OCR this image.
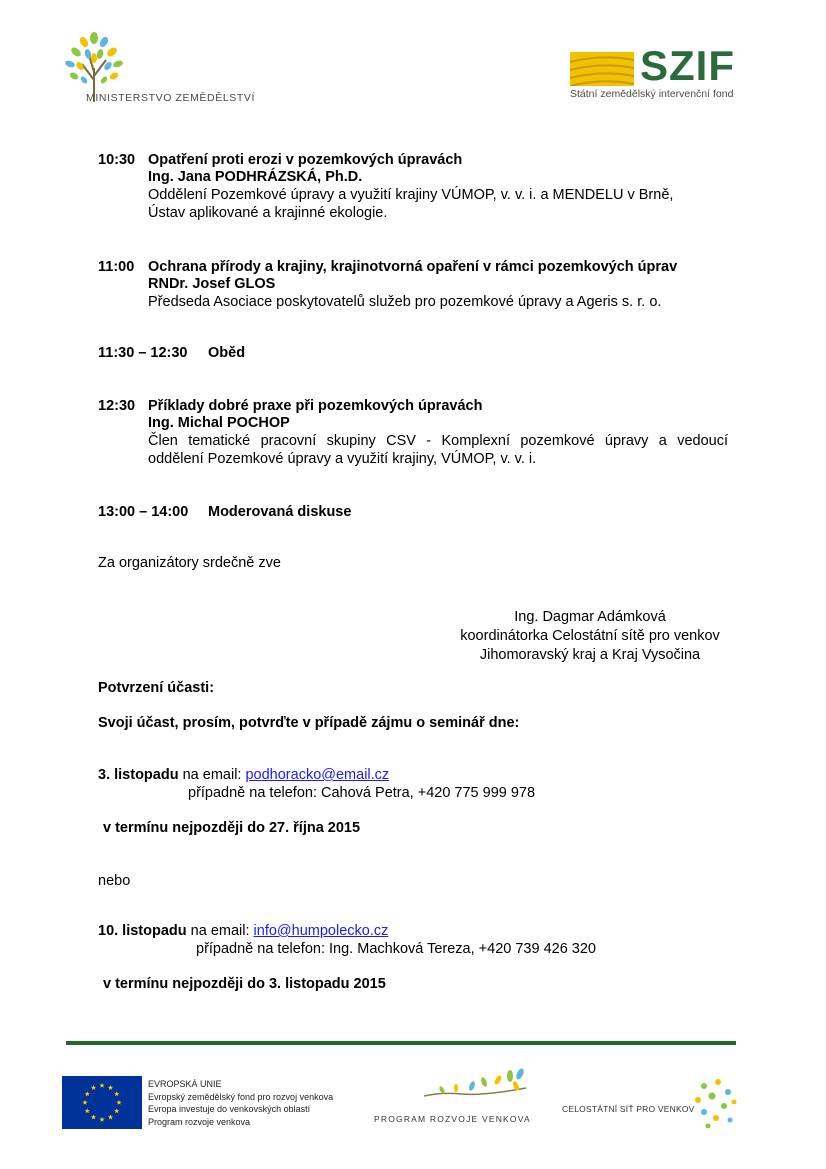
MINISTERSTVO ZEMĚDĚLSTVÍ
SZIF
Státní zemědělský intervenční fond
10:30 Opatření proti erozi v pozemkových úpravách
Ing. Jana PODHRÁZSKÁ, Ph.D.
Oddělení Pozemkové úpravy a využití krajiny VÚMOP, v. v. i. a MENDELU v Brně,
Ústav aplikované a krajinné ekologie.
11:00 Ochrana přírody a krajiny, krajinotvorná opaření v rámci pozemkových úprav
RNDr. Josef GLOS
Předseda Asociace poskytovatelů služeb pro pozemkové úpravy a Ageris s. r. o.
11:30 – 12:30 Oběd
12:30 Příklady dobré praxe při pozemkových úpravách
Ing. Michal POCHOP
Člen tematické pracovní skupiny CSV - Komplexní pozemkové úpravy a vedoucí
oddělení Pozemkové úpravy a využití krajiny, VÚMOP, v. v. i.
13:00 – 14:00 Moderovaná diskuse
Za organizátory srdečně zve
Ing. Dagmar Adámková
koordinátorka Celostátní sítě pro venkov
Jihomoravský kraj a Kraj Vysočina
Potvrzení účasti:
Svoji účast, prosím, potvrďte v případě zájmu o seminář dne:
3. listopadu na email: podhoracko@email.cz
případně na telefon: Cahová Petra, +420 775 999 978
v termínu nejpozději do 27. října 2015
nebo
10. listopadu na email: info@humpolecko.cz
případně na telefon: Ing. Machková Tereza, +420 739 426 320
v termínu nejpozději do 3. listopadu 2015
EVROPSKÁ UNIE
Evropský zemědělský fond pro rozvoj venkova
Evropa investuje do venkovských oblastí
Program rozvoje venkova	PROGRAM ROZVOJE VENKOVA
CELOSTÁTNÍ SÍŤ PRO VENKOV
